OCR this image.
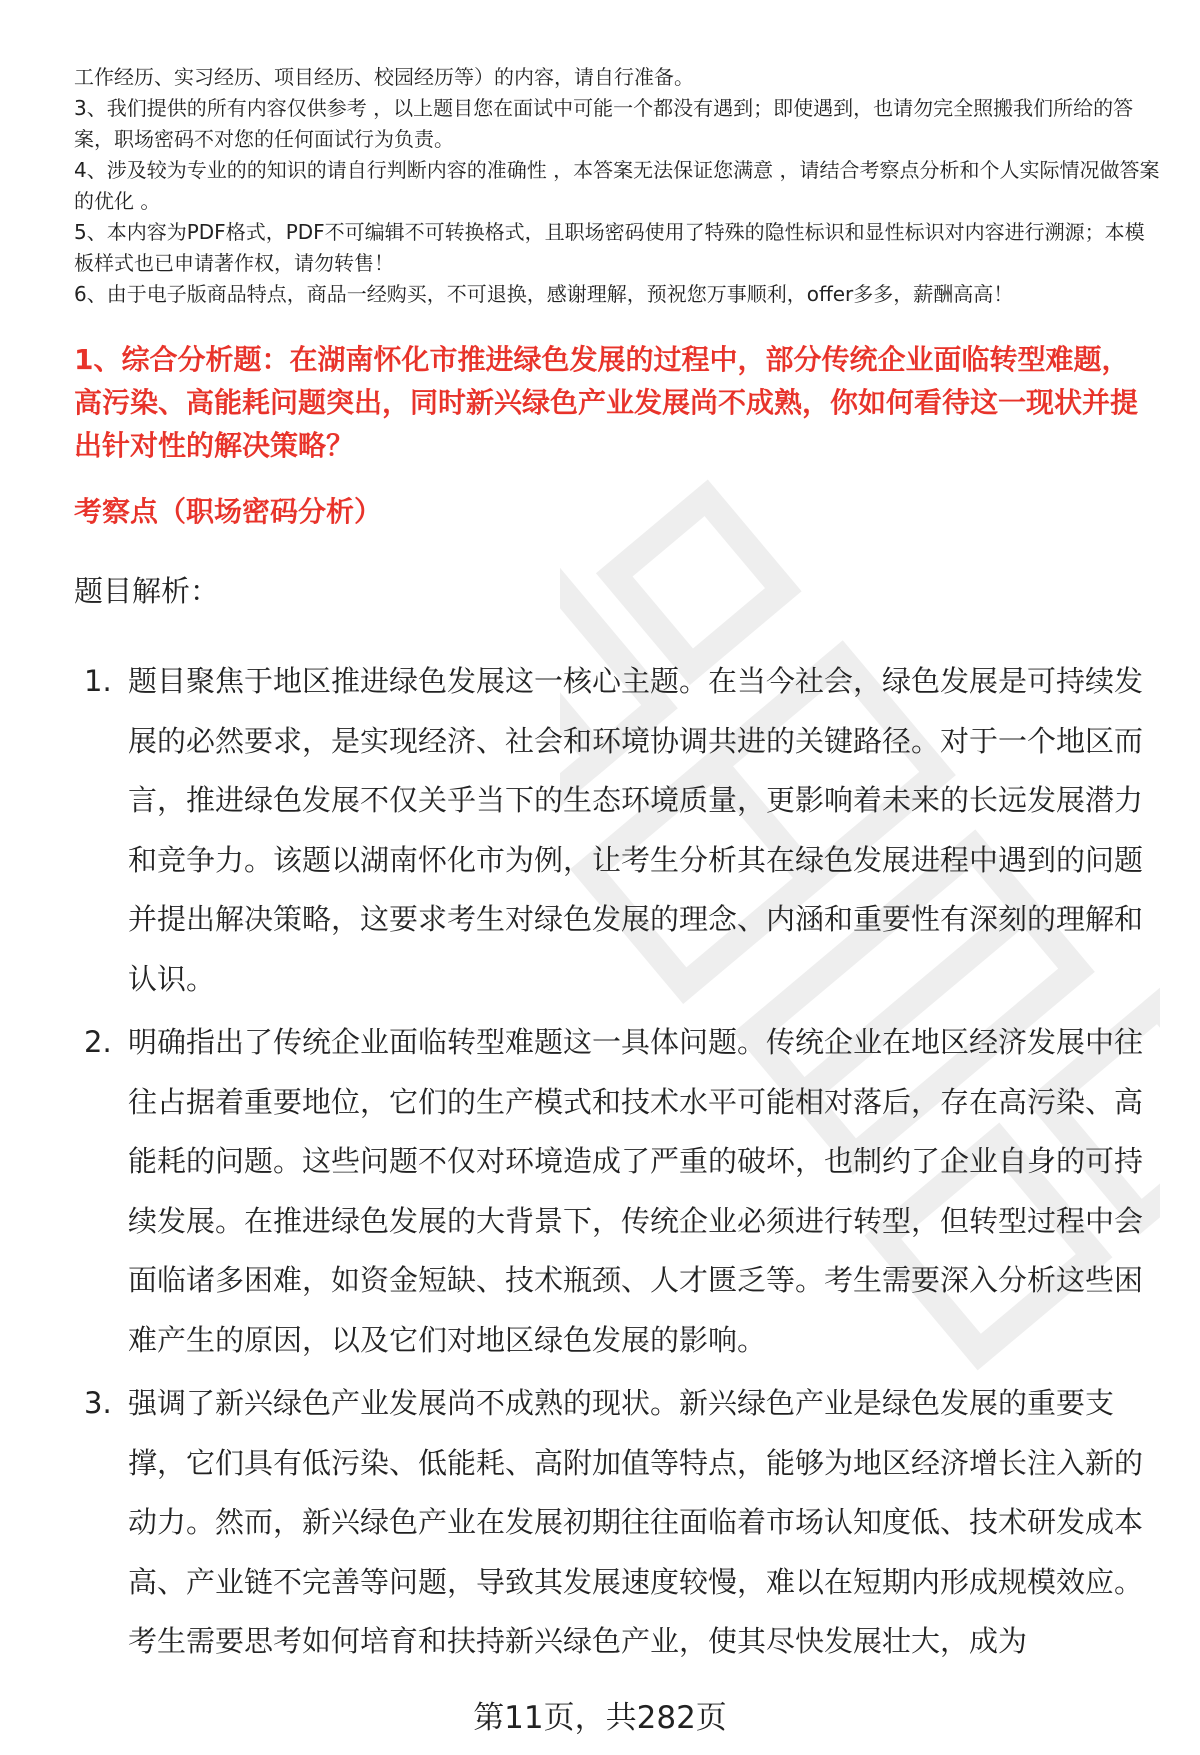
工作经历、实习经历、项目经历、校园经历等）的内容，请自行准备。

3、我们提供的所有内容仅供参考 ，以上题目您在面试中可能一个都没有遇到；即使遇到，也请勿完全照搬我们所给的答案，职场密码不对您的任何面试行为负责。

4、涉及较为专业的的知识的请自行判断内容的准确性 ，本答案无法保证您满意 ，请结合考察点分析和个人实际情况做答案的优化 。

5、本内容为PDF格式，PDF不可编辑不可转换格式，且职场密码使用了特殊的隐性标识和显性标识对内容进行溯源；本模板样式也已申请著作权，请勿转售！

6、由于电子版商品特点，商品一经购买，不可退换，感谢理解，预祝您万事顺利，offer多多，薪酬高高！

1、综合分析题：在湖南怀化市推进绿色发展的过程中，部分传统企业面临转型难题，高污染、高能耗问题突出，同时新兴绿色产业发展尚不成熟，你如何看待这一现状并提出针对性的解决策略？
考察点（职场密码分析）
题目解析：
1. 题目聚焦于地区推进绿色发展这一核心主题。在当今社会，绿色发展是可持续发展的必然要求，是实现经济、社会和环境协调共进的关键路径。对于一个地区而言，推进绿色发展不仅关乎当下的生态环境质量，更影响着未来的长远发展潜力和竞争力。该题以湖南怀化市为例，让考生分析其在绿色发展进程中遇到的问题并提出解决策略，这要求考生对绿色发展的理念、内涵和重要性有深刻的理解和认识。
2. 明确指出了传统企业面临转型难题这一具体问题。传统企业在地区经济发展中往往占据着重要地位，它们的生产模式和技术水平可能相对落后，存在高污染、高能耗的问题。这些问题不仅对环境造成了严重的破坏，也制约了企业自身的可持续发展。在推进绿色发展的大背景下，传统企业必须进行转型，但转型过程中会面临诸多困难，如资金短缺、技术瓶颈、人才匮乏等。考生需要深入分析这些困难产生的原因，以及它们对地区绿色发展的影响。
3. 强调了新兴绿色产业发展尚不成熟的现状。新兴绿色产业是绿色发展的重要支撑，它们具有低污染、低能耗、高附加值等特点，能够为地区经济增长注入新的动力。然而，新兴绿色产业在发展初期往往面临着市场认知度低、技术研发成本高、产业链不完善等问题，导致其发展速度较慢，难以在短期内形成规模效应。考生需要思考如何培育和扶持新兴绿色产业，使其尽快发展壮大，成为
第11页，共282页
